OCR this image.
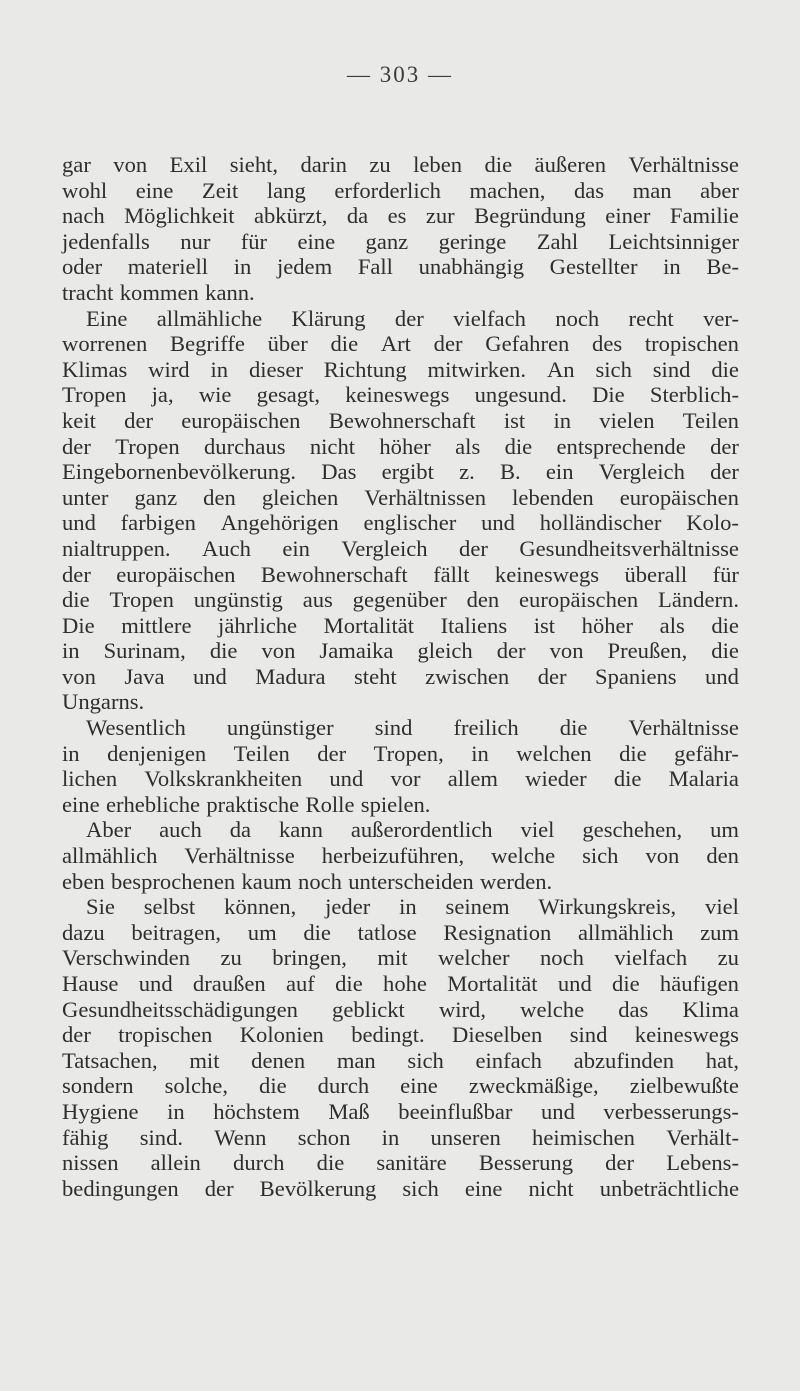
— 303 —
gar von Exil sieht, darin zu leben die äußeren Verhältnisse
wohl eine Zeit lang erforderlich machen, das man aber
nach Möglichkeit abkürzt, da es zur Begründung einer Familie
jedenfalls nur für eine ganz geringe Zahl Leichtsinniger
oder materiell in jedem Fall unabhängig Gestellter in Be-
tracht kommen kann.
Eine allmähliche Klärung der vielfach noch recht ver-
worrenen Begriffe über die Art der Gefahren des tropischen
Klimas wird in dieser Richtung mitwirken. An sich sind die
Tropen ja, wie gesagt, keineswegs ungesund. Die Sterblich-
keit der europäischen Bewohnerschaft ist in vielen Teilen
der Tropen durchaus nicht höher als die entsprechende der
Eingebornenbevölkerung. Das ergibt z. B. ein Vergleich der
unter ganz den gleichen Verhältnissen lebenden europäischen
und farbigen Angehörigen englischer und holländischer Kolo-
nialtruppen. Auch ein Vergleich der Gesundheitsverhältnisse
der europäischen Bewohnerschaft fällt keineswegs überall für
die Tropen ungünstig aus gegenüber den europäischen Ländern.
Die mittlere jährliche Mortalität Italiens ist höher als die
in Surinam, die von Jamaika gleich der von Preußen, die
von Java und Madura steht zwischen der Spaniens und
Ungarns.
Wesentlich ungünstiger sind freilich die Verhältnisse
in denjenigen Teilen der Tropen, in welchen die gefähr-
lichen Volkskrankheiten und vor allem wieder die Malaria
eine erhebliche praktische Rolle spielen.
Aber auch da kann außerordentlich viel geschehen, um
allmählich Verhältnisse herbeizuführen, welche sich von den
eben besprochenen kaum noch unterscheiden werden.
Sie selbst können, jeder in seinem Wirkungskreis, viel
dazu beitragen, um die tatlose Resignation allmählich zum
Verschwinden zu bringen, mit welcher noch vielfach zu
Hause und draußen auf die hohe Mortalität und die häufigen
Gesundheitsschädigungen geblickt wird, welche das Klima
der tropischen Kolonien bedingt. Dieselben sind keineswegs
Tatsachen, mit denen man sich einfach abzufinden hat,
sondern solche, die durch eine zweckmäßige, zielbewußte
Hygiene in höchstem Maß beeinflußbar und verbesserungs-
fähig sind. Wenn schon in unseren heimischen Verhält-
nissen allein durch die sanitäre Besserung der Lebens-
bedingungen der Bevölkerung sich eine nicht unbeträchtliche
